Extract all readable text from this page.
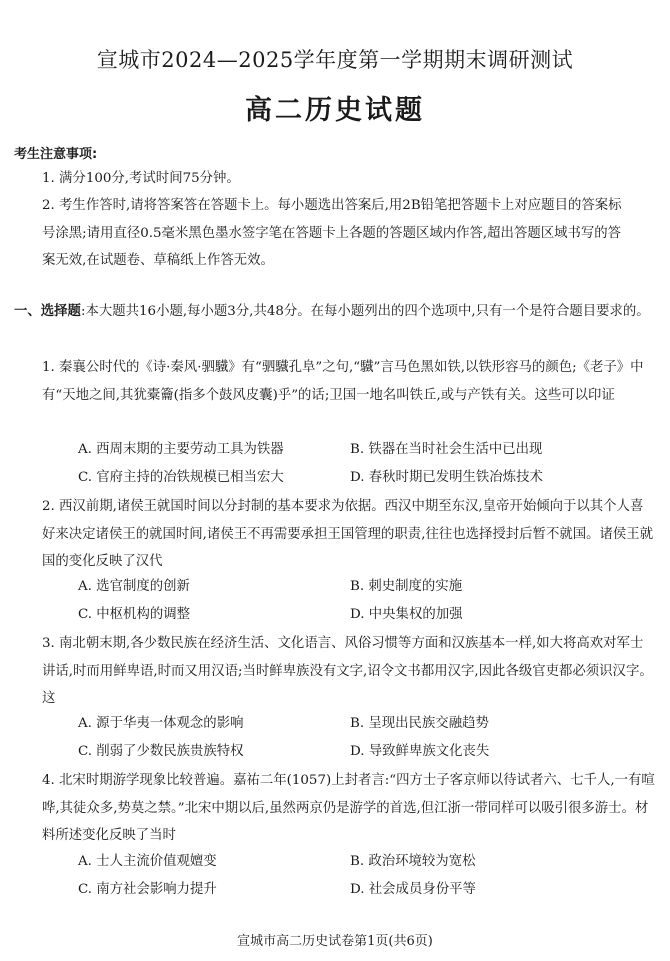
宣城市2024—2025学年度第一学期期末调研测试
高二历史试题
考生注意事项:
1. 满分100分,考试时间75分钟。
2. 考生作答时,请将答案答在答题卡上。每小题选出答案后,用2B铅笔把答题卡上对应题目的答案标号涂黑;请用直径0.5毫米黑色墨水签字笔在答题卡上各题的答题区域内作答,超出答题区域书写的答案无效,在试题卷、草稿纸上作答无效。
一、选择题:本大题共16小题,每小题3分,共48分。在每小题列出的四个选项中,只有一个是符合题目要求的。
1. 秦襄公时代的《诗·秦风·驷驖》有“驷驖孔阜”之句,“驖”言马色黑如铁,以铁形容马的颜色;《老子》中有“天地之间,其犹橐籥(指多个鼓风皮囊)乎”的话;卫国一地名叫铁丘,或与产铁有关。这些可以印证
A. 西周末期的主要劳动工具为铁器	B. 铁器在当时社会生活中已出现
C. 官府主持的冶铁规模已相当宏大	D. 春秋时期已发明生铁冶炼技术
2. 西汉前期,诸侯王就国时间以分封制的基本要求为依据。西汉中期至东汉,皇帝开始倾向于以其个人喜好来决定诸侯王的就国时间,诸侯王不再需要承担王国管理的职责,往往也选择授封后暂不就国。诸侯王就国的变化反映了汉代
A. 选官制度的创新	B. 刺史制度的实施
C. 中枢机构的调整	D. 中央集权的加强
3. 南北朝末期,各少数民族在经济生活、文化语言、风俗习惯等方面和汉族基本一样,如大将高欢对军士讲话,时而用鲜卑语,时而又用汉语;当时鲜卑族没有文字,诏令文书都用汉字,因此各级官吏都必须识汉字。这
A. 源于华夷一体观念的影响	B. 呈现出民族交融趋势
C. 削弱了少数民族贵族特权	D. 导致鲜卑族文化丧失
4. 北宋时期游学现象比较普遍。嘉祐二年(1057)上封者言:“四方士子客京师以待试者六、七千人,一有喧哗,其徒众多,势莫之禁。”北宋中期以后,虽然两京仍是游学的首选,但江浙一带同样可以吸引很多游士。材料所述变化反映了当时
A. 士人主流价值观嬗变	B. 政治环境较为宽松
C. 南方社会影响力提升	D. 社会成员身份平等
宣城市高二历史试卷第1页(共6页)
